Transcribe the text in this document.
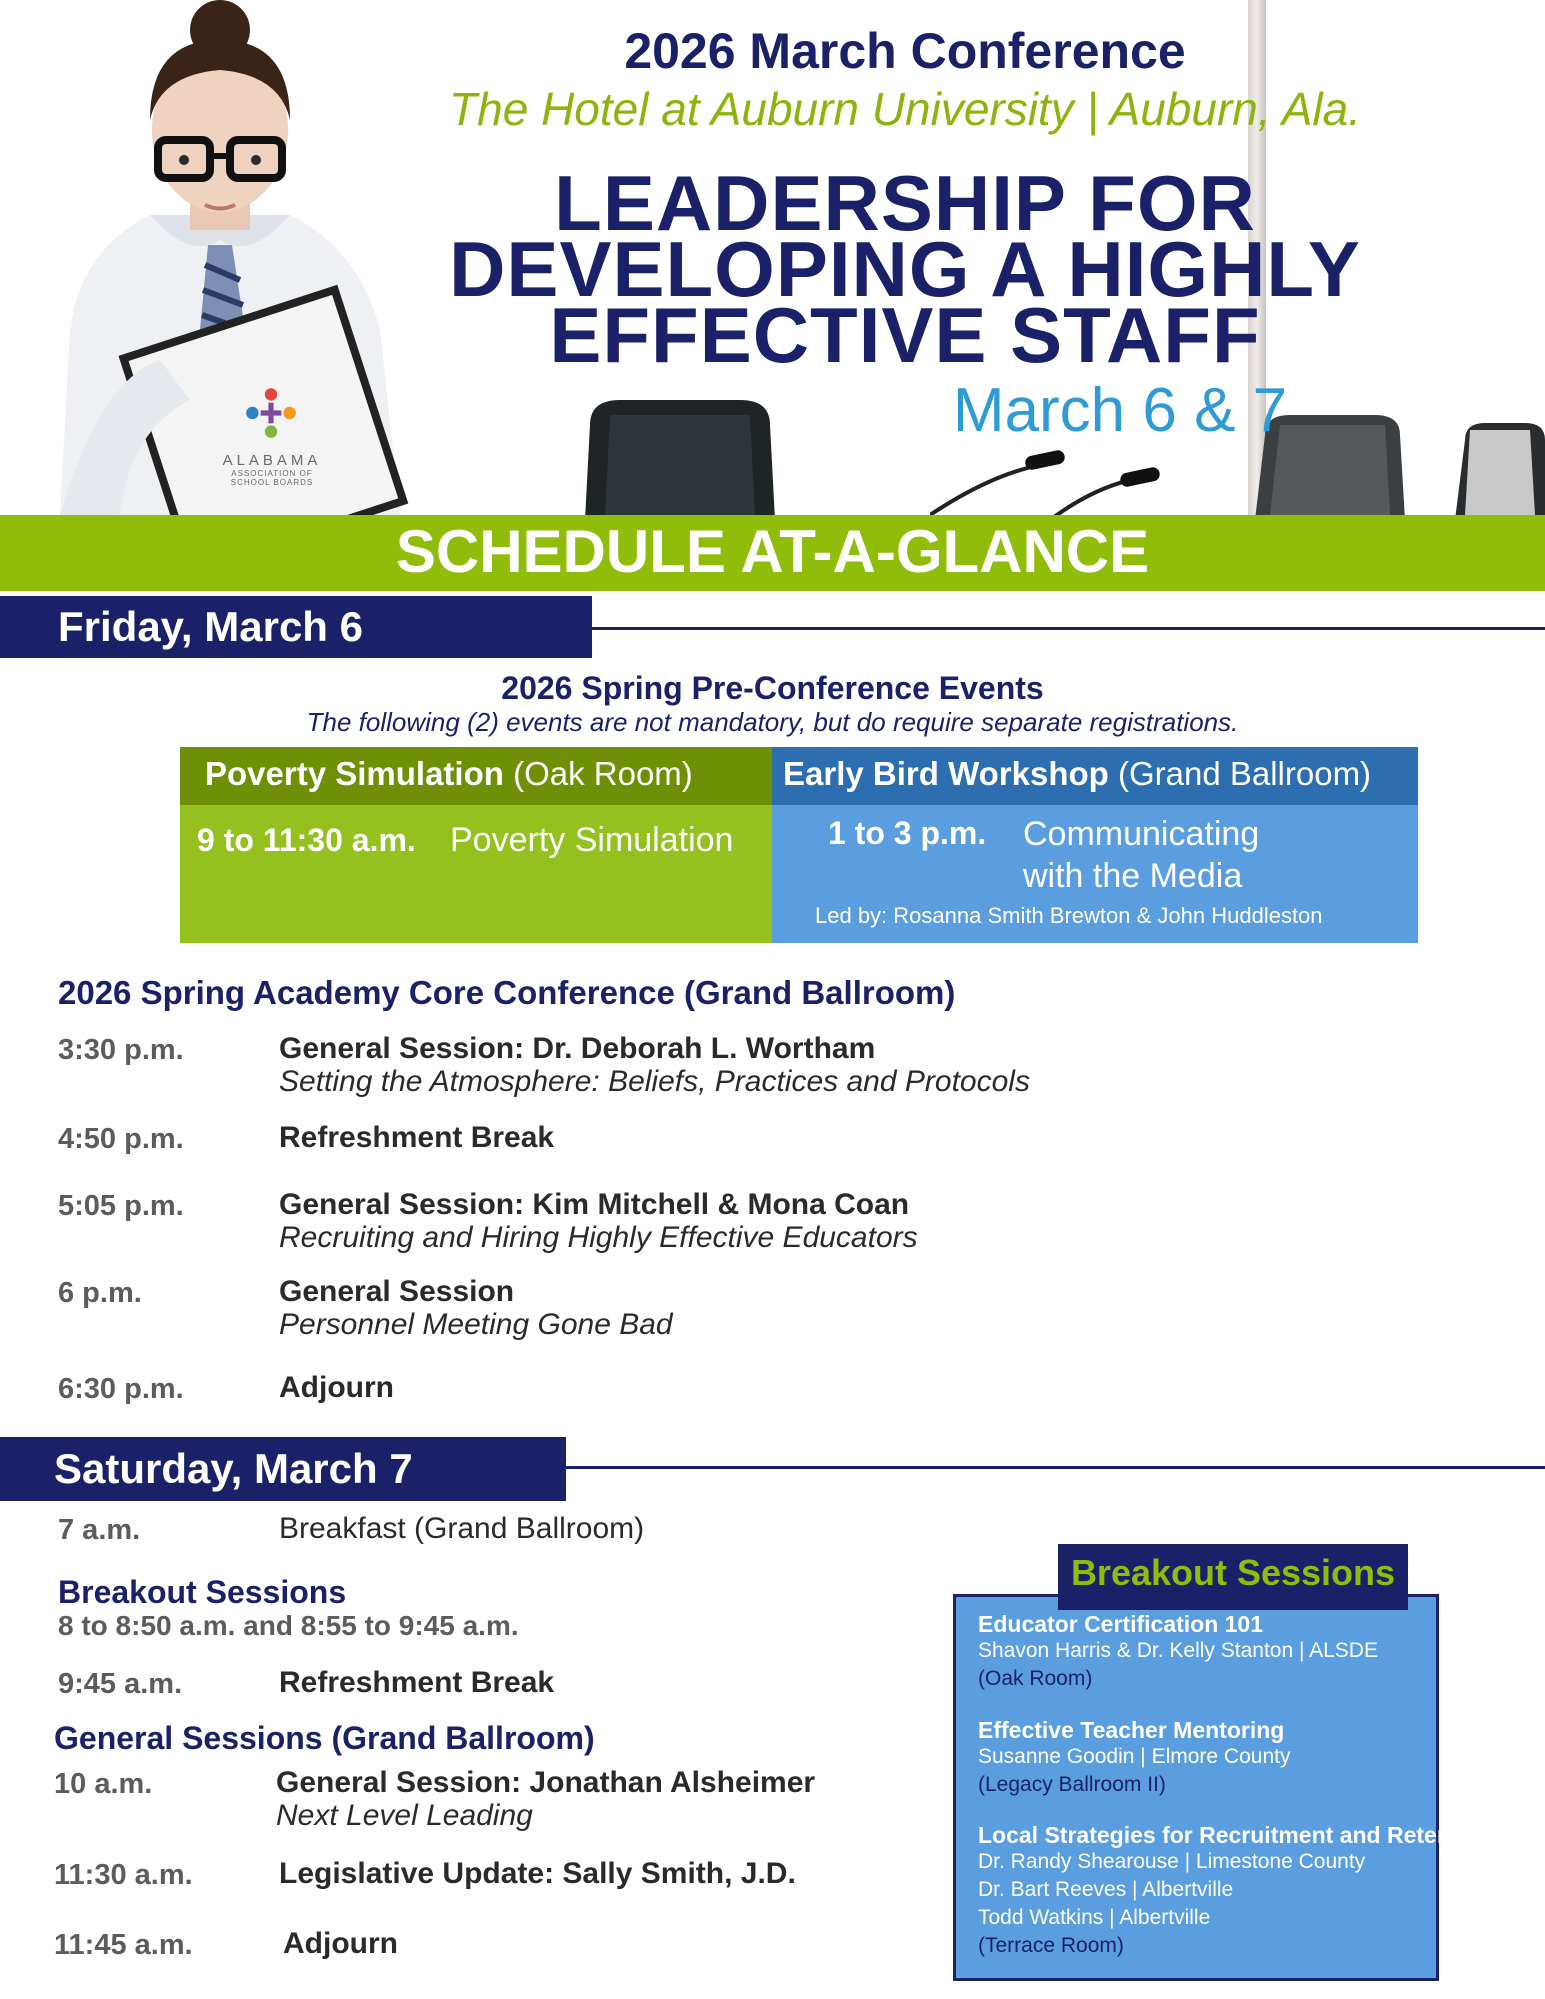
ALABAMA
ASSOCIATION OF
SCHOOL BOARDS
2026 March Conference
The Hotel at Auburn University | Auburn, Ala.
LEADERSHIP FOR
DEVELOPING A HIGHLY
EFFECTIVE STAFF
March 6 & 7
SCHEDULE AT-A-GLANCE
Friday, March 6
2026 Spring Pre-Conference Events
The following (2) events are not mandatory, but do require separate registrations.
Poverty Simulation (Oak Room)
9 to 11:30 a.m. Poverty Simulation
Early Bird Workshop (Grand Ballroom)
1 to 3 p.m. Communicating
with the Media
Led by: Rosanna Smith Brewton & John Huddleston
2026 Spring Academy Core Conference (Grand Ballroom)
3:30 p.m.	General Session: Dr. Deborah L. Wortham
Setting the Atmosphere: Beliefs, Practices and Protocols
4:50 p.m.	Refreshment Break
5:05 p.m.	General Session: Kim Mitchell & Mona Coan
Recruiting and Hiring Highly Effective Educators
6 p.m.	General Session
Personnel Meeting Gone Bad
6:30 p.m.	Adjourn
Saturday, March 7
7 a.m.	Breakfast (Grand Ballroom)
Breakout Sessions
8 to 8:50 a.m. and 8:55 to 9:45 a.m.
9:45 a.m.	Refreshment Break
General Sessions (Grand Ballroom)
10 a.m.	General Session: Jonathan Alsheimer
Next Level Leading
11:30 a.m.	Legislative Update: Sally Smith, J.D.
11:45 a.m.	Adjourn
Breakout Sessions
Educator Certification 101
Shavon Harris & Dr. Kelly Stanton | ALSDE
(Oak Room)
Effective Teacher Mentoring
Susanne Goodin | Elmore County
(Legacy Ballroom II)
Local Strategies for Recruitment and Retention
Dr. Randy Shearouse | Limestone County
Dr. Bart Reeves | Albertville
Todd Watkins | Albertville
(Terrace Room)
